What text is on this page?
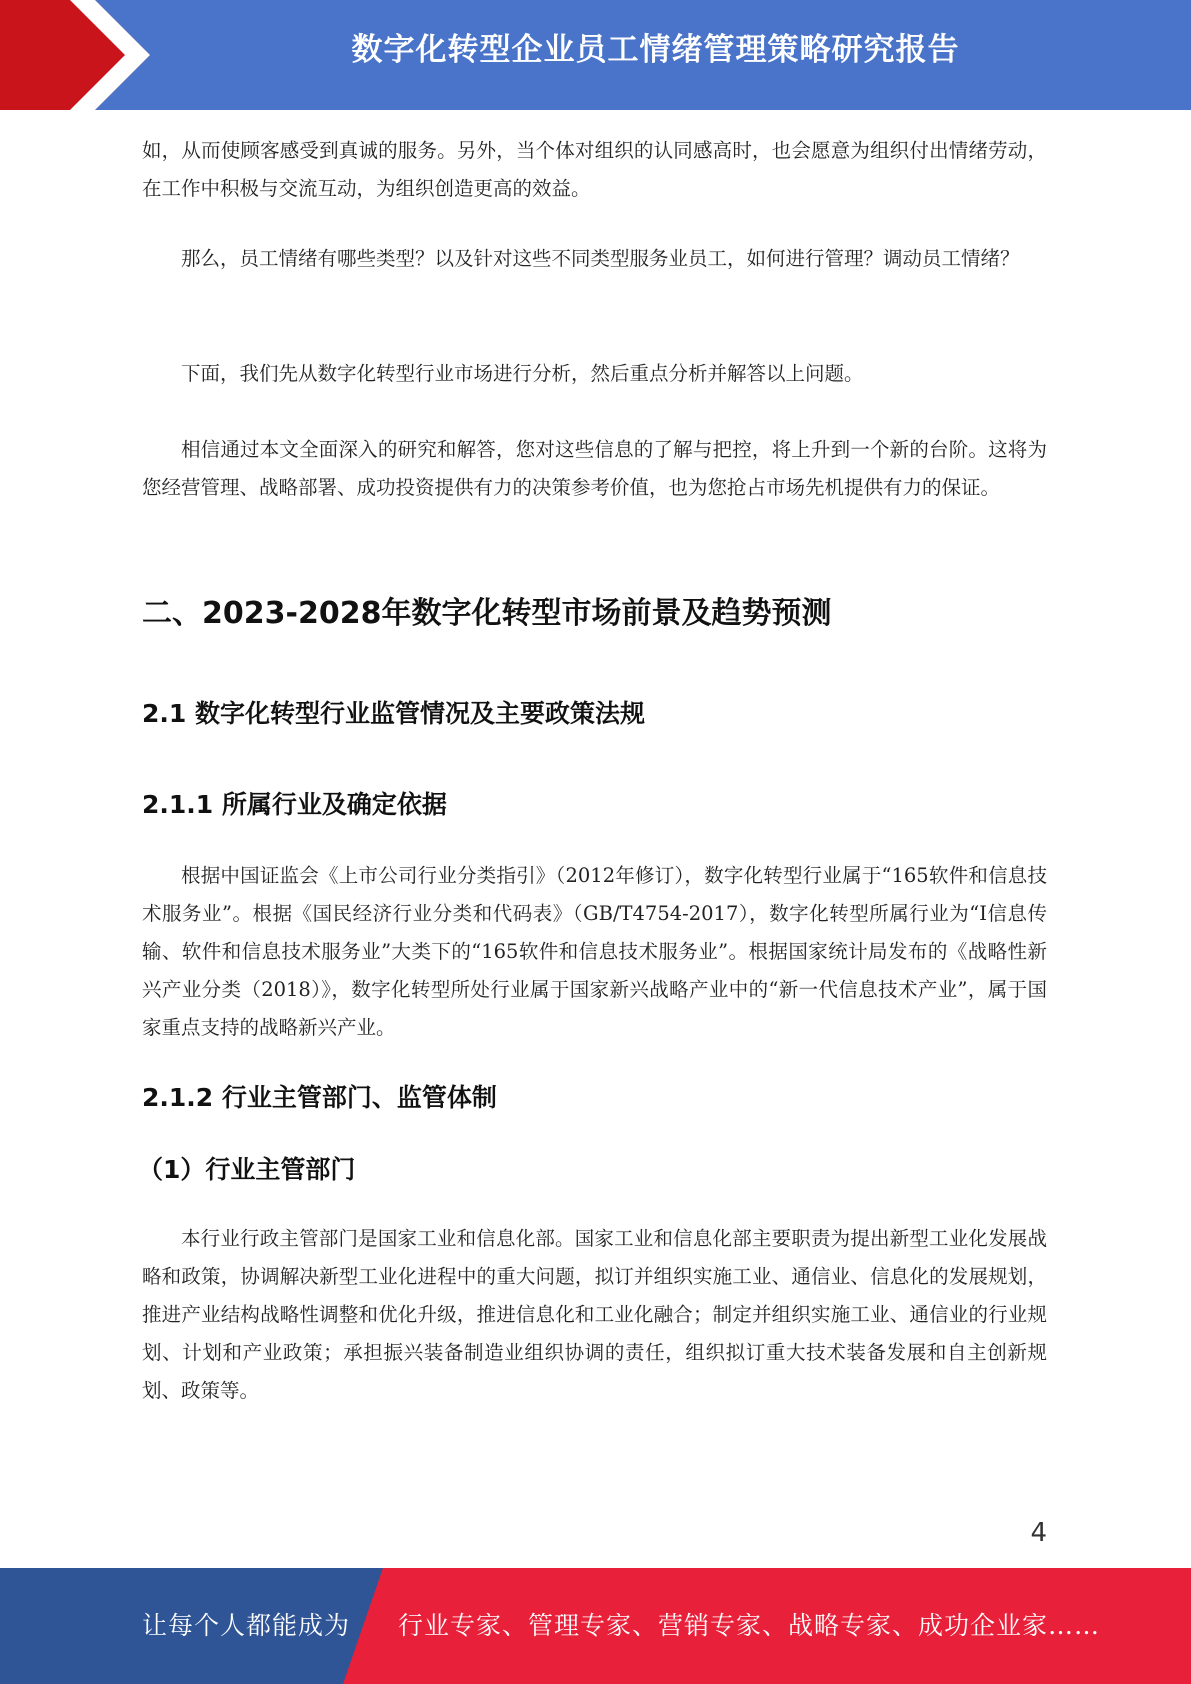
数字化转型企业员工情绪管理策略研究报告

如，从而使顾客感受到真诚的服务。另外，当个体对组织的认同感高时，也会愿意为组织付出情绪劳动，在工作中积极与交流互动，为组织创造更高的效益。

那么，员工情绪有哪些类型？以及针对这些不同类型服务业员工，如何进行管理？调动员工情绪？

下面，我们先从数字化转型行业市场进行分析，然后重点分析并解答以上问题。

相信通过本文全面深入的研究和解答，您对这些信息的了解与把控，将上升到一个新的台阶。这将为您经营管理、战略部署、成功投资提供有力的决策参考价值，也为您抢占市场先机提供有力的保证。

二、2023-2028年数字化转型市场前景及趋势预测
2.1 数字化转型行业监管情况及主要政策法规
2.1.1 所属行业及确定依据

根据中国证监会《上市公司行业分类指引》（2012年修订），数字化转型行业属于“165软件和信息技术服务业”。根据《国民经济行业分类和代码表》（GB/T4754-2017），数字化转型所属行业为“I信息传输、软件和信息技术服务业”大类下的“165软件和信息技术服务业”。根据国家统计局发布的《战略性新兴产业分类（2018）》，数字化转型所处行业属于国家新兴战略产业中的“新一代信息技术产业”，属于国家重点支持的战略新兴产业。

2.1.2 行业主管部门、监管体制
（1）行业主管部门

本行业行政主管部门是国家工业和信息化部。国家工业和信息化部主要职责为提出新型工业化发展战略和政策，协调解决新型工业化进程中的重大问题，拟订并组织实施工业、通信业、信息化的发展规划，推进产业结构战略性调整和优化升级，推进信息化和工业化融合；制定并组织实施工业、通信业的行业规划、计划和产业政策；承担振兴装备制造业组织协调的责任，组织拟订重大技术装备发展和自主创新规划、政策等。

4
让每个人都能成为 行业专家、管理专家、营销专家、战略专家、成功企业家……
